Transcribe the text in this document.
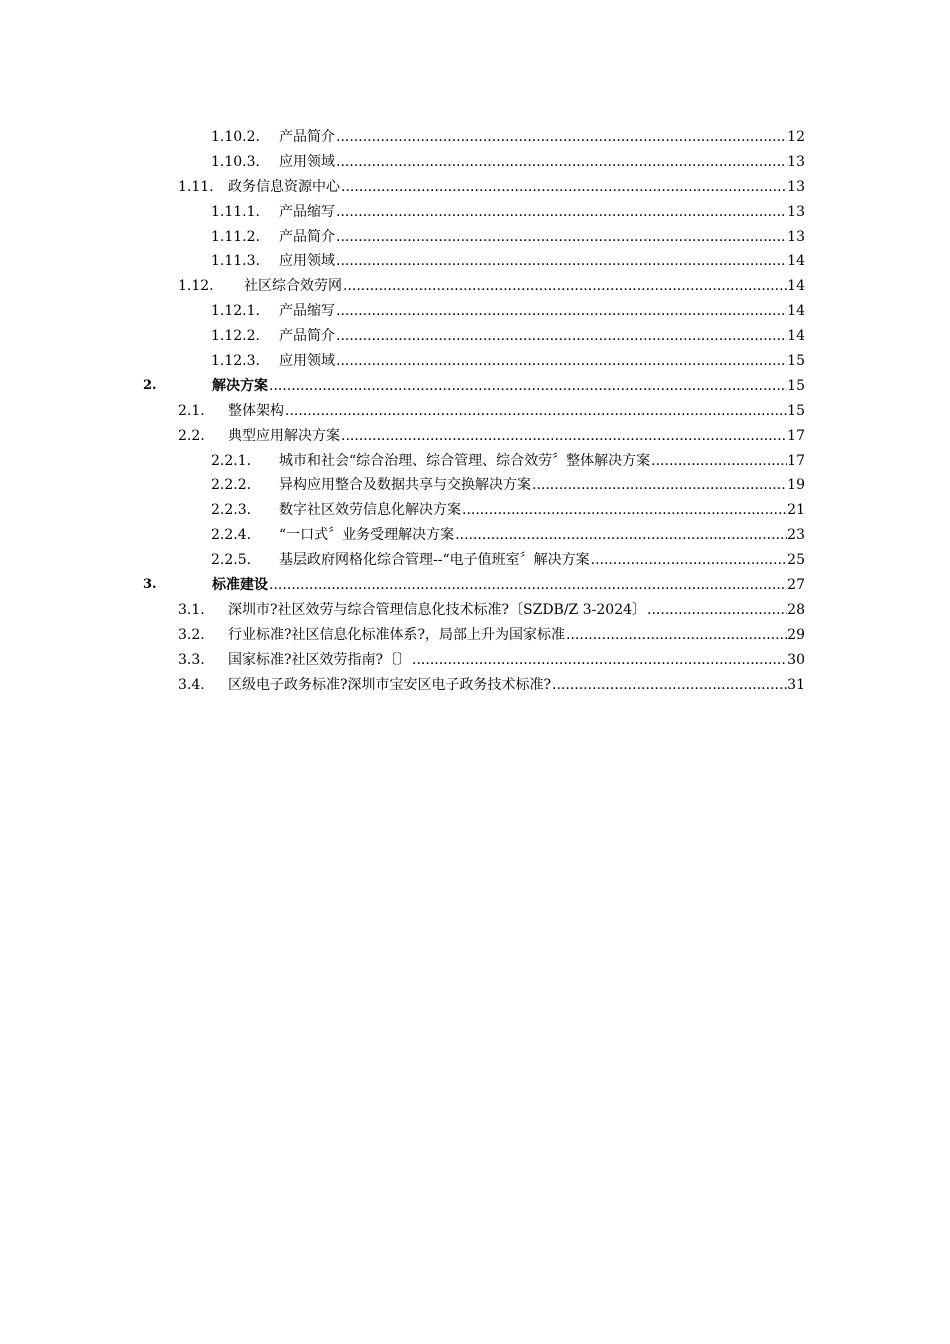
1.10.2. 产品简介 .....	12
1.10.3. 应用领域 .....	13
1.11. 政务信息资源中心 .....	13
1.11.1. 产品缩写 .....	13
1.11.2. 产品简介 .....	13
1.11.3. 应用领域 .....	14
1.12. 社区综合效劳网 .....	14
1.12.1. 产品缩写 .....	14
1.12.2. 产品简介 .....	14
1.12.3. 应用领域 .....	15
2.	解决方案 .....	15
2.1. 整体架构 .....	15
2.2. 典型应用解决方案 .....	17
2.2.1. 城市和社会“综合治理、综合管理、综合效劳〞整体解决方案 .....	17
2.2.2. 异构应用整合及数据共享与交换解决方案 .....	19
2.2.3. 数字社区效劳信息化解决方案 .....	21
2.2.4. “一口式〞业务受理解决方案 .....	23
2.2.5. 基层政府网格化综合管理--“电子值班室〞解决方案 .....	25
3.	标准建设 .....	27
3.1. 深圳市?社区效劳与综合管理信息化技术标准?〔SZDB/Z 3-2024〕 .....	28
3.2. 行业标准?社区信息化标准体系?，局部上升为国家标准 .....	29
3.3. 国家标准?社区效劳指南?〔〕 .....	30
3.4. 区级电子政务标准?深圳市宝安区电子政务技术标准? .....	31
